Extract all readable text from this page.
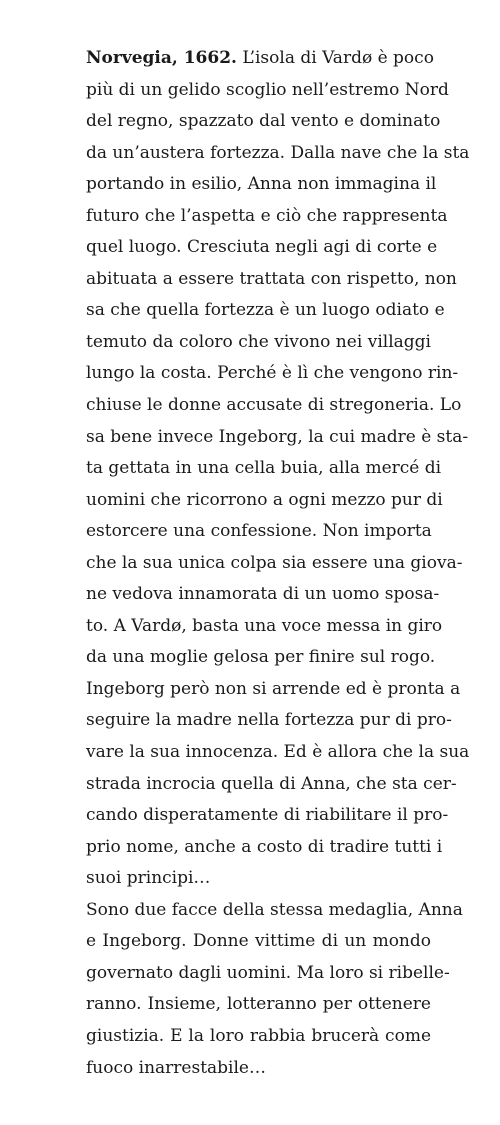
Norvegia, 1662. L’isola di Vardø è poco
più di un gelido scoglio nell’estremo Nord
del regno, spazzato dal vento e dominato
da un’austera fortezza. Dalla nave che la sta
portando in esilio, Anna non immagina il
futuro che l’aspetta e ciò che rappresenta
quel luogo. Cresciuta negli agi di corte e
abituata a essere trattata con rispetto, non
sa che quella fortezza è un luogo odiato e
temuto da coloro che vivono nei villaggi
lungo la costa. Perché è lì che vengono rin-
chiuse le donne accusate di stregoneria. Lo
sa bene invece Ingeborg, la cui madre è sta-
ta gettata in una cella buia, alla mercé di
uomini che ricorrono a ogni mezzo pur di
estorcere una confessione. Non importa
che la sua unica colpa sia essere una giova-
ne vedova innamorata di un uomo sposa-
to. A Vardø, basta una voce messa in giro
da una moglie gelosa per finire sul rogo.
Ingeborg però non si arrende ed è pronta a
seguire la madre nella fortezza pur di pro-
vare la sua innocenza. Ed è allora che la sua
strada incrocia quella di Anna, che sta cer-
cando disperatamente di riabilitare il pro-
prio nome, anche a costo di tradire tutti i
suoi principi…
Sono due facce della stessa medaglia, Anna
e Ingeborg. Donne vittime di un mondo
governato dagli uomini. Ma loro si ribelle-
ranno. Insieme, lotteranno per ottenere
giustizia. E la loro rabbia brucerà come
fuoco inarrestabile…
